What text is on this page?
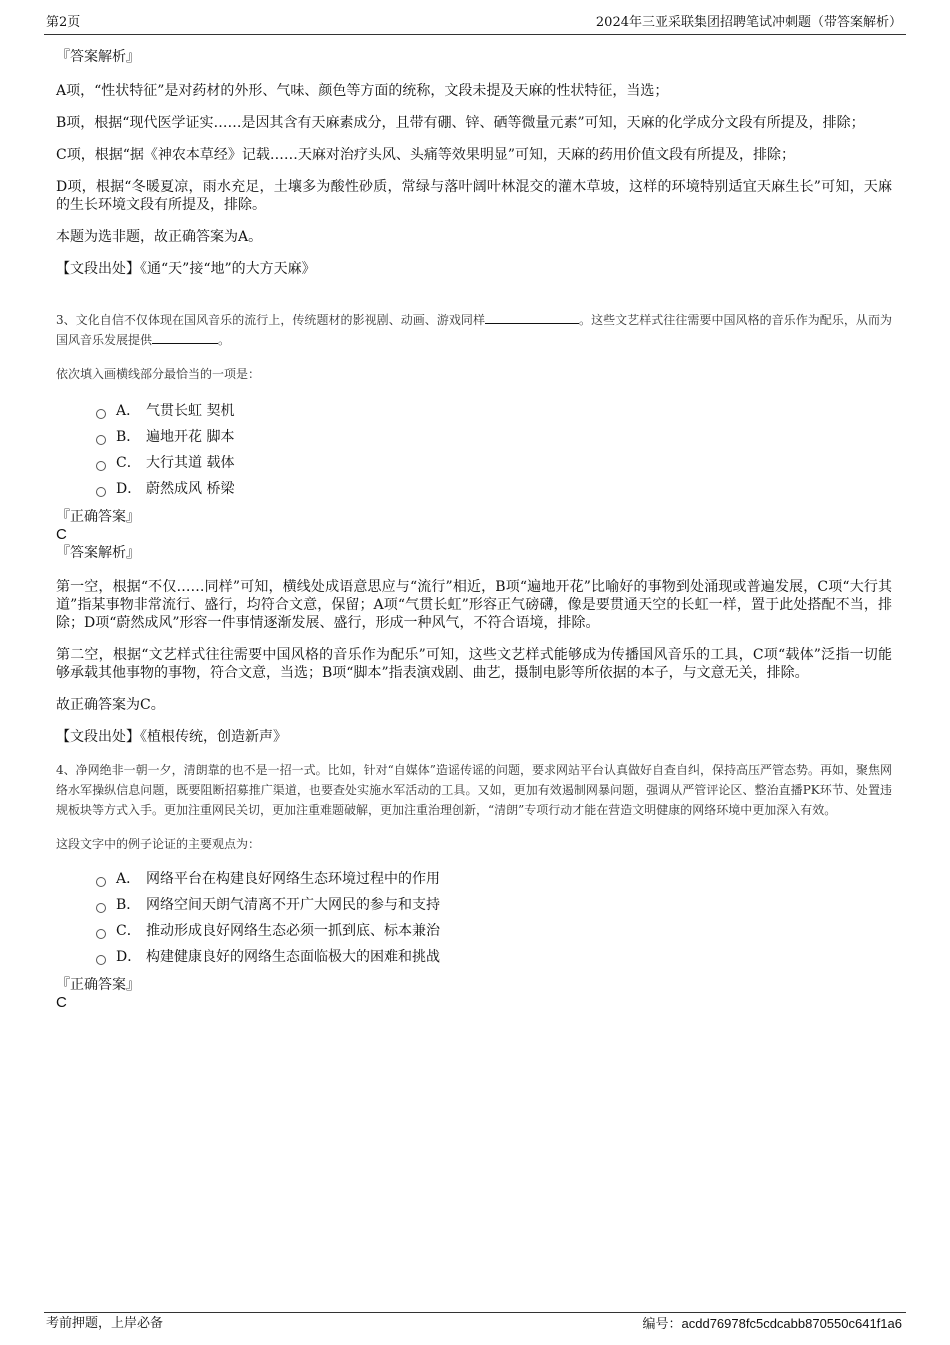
第2页	2024年三亚采联集团招聘笔试冲刺题（带答案解析）

『答案解析』

A项，“性状特征”是对药材的外形、气味、颜色等方面的统称，文段未提及天麻的性状特征，当选；

B项，根据“现代医学证实……是因其含有天麻素成分，且带有硼、锌、硒等微量元素”可知，天麻的化学成分文段有所提及，排除；

C项，根据“据《神农本草经》记载……天麻对治疗头风、头痛等效果明显”可知，天麻的药用价值文段有所提及，排除；

D项，根据“冬暖夏凉，雨水充足，土壤多为酸性砂质，常绿与落叶阔叶林混交的灌木草坡，这样的环境特别适宜天麻生长”可知，天麻的生长环境文段有所提及，排除。

本题为选非题，故正确答案为A。

【文段出处】《通“天”接“地”的大方天麻》

3、文化自信不仅体现在国风音乐的流行上，传统题材的影视剧、动画、游戏同样	。这些文艺样式往往需要中国风格的音乐作为配乐，从而为国风音乐发展提供	。

依次填入画横线部分最恰当的一项是：

A． 气贯长虹 契机
B． 遍地开花 脚本
C． 大行其道 载体
D． 蔚然成风 桥梁

『正确答案』

C

『答案解析』

第一空，根据“不仅……同样”可知，横线处成语意思应与“流行”相近，B项“遍地开花”比喻好的事物到处涌现或普遍发展，C项“大行其道”指某事物非常流行、盛行，均符合文意，保留；A项“气贯长虹”形容正气磅礴，像是要贯通天空的长虹一样，置于此处搭配不当，排除；D项“蔚然成风”形容一件事情逐渐发展、盛行，形成一种风气，不符合语境，排除。

第二空，根据“文艺样式往往需要中国风格的音乐作为配乐”可知，这些文艺样式能够成为传播国风音乐的工具，C项“载体”泛指一切能够承载其他事物的事物，符合文意，当选；B项“脚本”指表演戏剧、曲艺，摄制电影等所依据的本子，与文意无关，排除。

故正确答案为C。

【文段出处】《植根传统，创造新声》

4、净网绝非一朝一夕，清朗靠的也不是一招一式。比如，针对“自媒体”造谣传谣的问题，要求网站平台认真做好自查自纠，保持高压严管态势。再如，聚焦网络水军操纵信息问题，既要阻断招募推广渠道，也要查处实施水军活动的工具。又如，更加有效遏制网暴问题，强调从严管评论区、整治直播PK环节、处置违规板块等方式入手。更加注重网民关切，更加注重难题破解，更加注重治理创新，“清朗”专项行动才能在营造文明健康的网络环境中更加深入有效。

这段文字中的例子论证的主要观点为：

A． 网络平台在构建良好网络生态环境过程中的作用
B． 网络空间天朗气清离不开广大网民的参与和支持
C． 推动形成良好网络生态必须一抓到底、标本兼治
D． 构建健康良好的网络生态面临极大的困难和挑战

『正确答案』

C

考前押题，上岸必备	编号：acdd76978fc5cdcabb870550c641f1a6
